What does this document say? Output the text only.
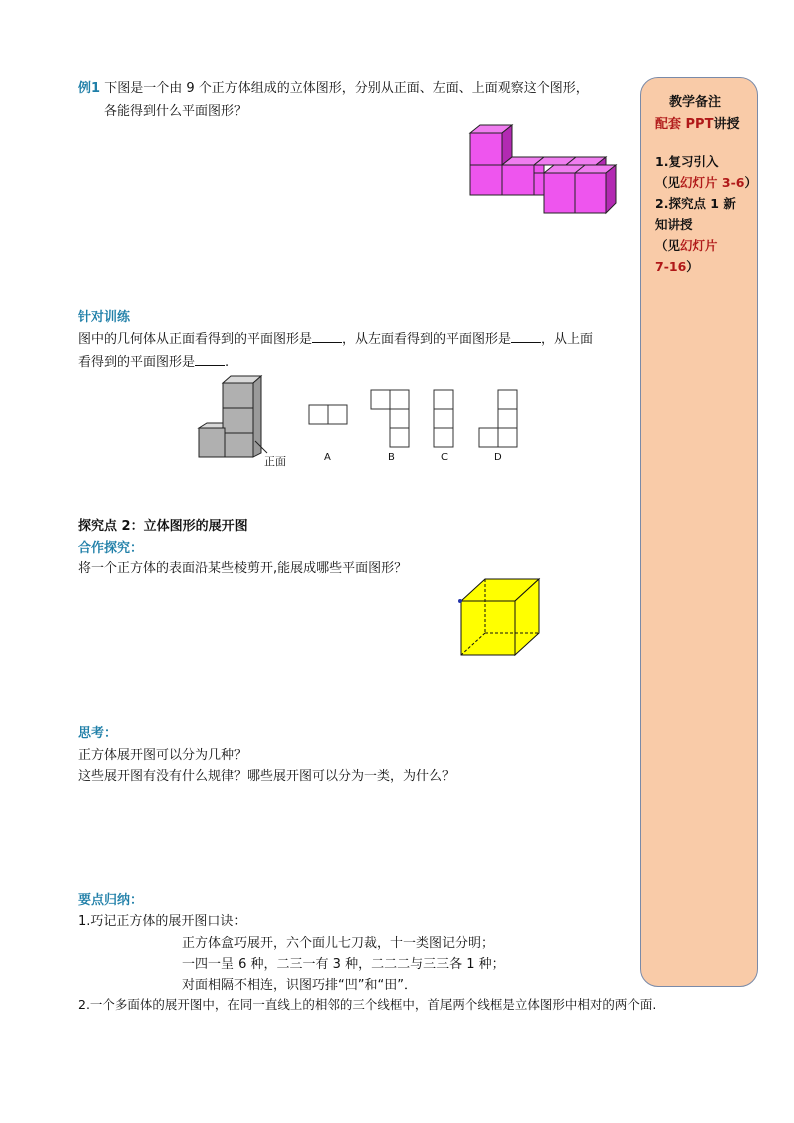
例1 下图是一个由 9 个正方体组成的立体图形，分别从正面、左面、上面观察这个图形，
各能得到什么平面图形？
针对训练
图中的几何体从正面看得到的平面图形是 ，从左面看得到的平面图形是 ，从上面
看得到的平面图形是 .
正面	A	B	C	D
探究点 2：立体图形的展开图
合作探究：
将一个正方体的表面沿某些棱剪开,能展成哪些平面图形？
思考：
正方体展开图可以分为几种？
这些展开图有没有什么规律？哪些展开图可以分为一类，为什么？
要点归纳：
1.巧记正方体的展开图口诀：
正方体盒巧展开，六个面儿七刀裁，十一类图记分明；
一四一呈 6 种，二三一有 3 种，二二二与三三各 1 种；
对面相隔不相连，识图巧排“凹”和“田”．
2.一个多面体的展开图中，在同一直线上的相邻的三个线框中，首尾两个线框是立体图形中相对的两个面.
教学备注
配套 PPT讲授
1.复习引入
（见幻灯片 3-6）
2.探究点 1 新
知讲授
（见幻灯片
7-16）
